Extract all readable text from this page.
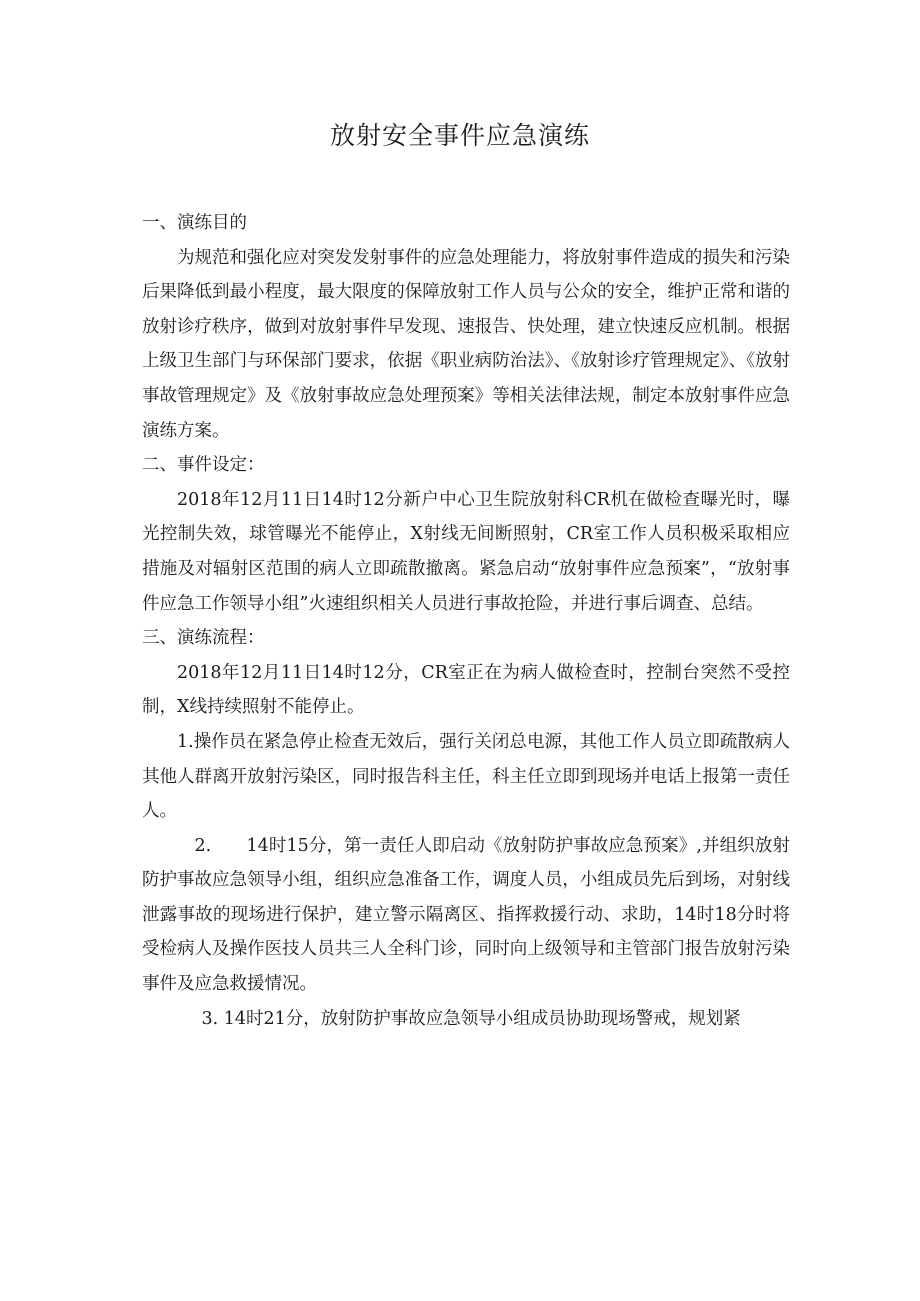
放射安全事件应急演练

一、演练目的

为规范和强化应对突发发射事件的应急处理能力，将放射事件造成的损失和污染后果降低到最小程度，最大限度的保障放射工作人员与公众的安全，维护正常和谐的放射诊疗秩序，做到对放射事件早发现、速报告、快处理，建立快速反应机制。根据上级卫生部门与环保部门要求，依据《职业病防治法》、《放射诊疗管理规定》、《放射事故管理规定》及《放射事故应急处理预案》等相关法律法规，制定本放射事件应急演练方案。

二、事件设定：

2018年12月11日14时12分新户中心卫生院放射科CR机在做检查曝光时，曝光控制失效，球管曝光不能停止，X射线无间断照射，CR室工作人员积极采取相应措施及对辐射区范围的病人立即疏散撤离。紧急启动“放射事件应急预案”，“放射事件应急工作领导小组”火速组织相关人员进行事故抢险，并进行事后调查、总结。

三、演练流程：

2018年12月11日14时12分，CR室正在为病人做检查时，控制台突然不受控制，X线持续照射不能停止。

1.操作员在紧急停止检查无效后，强行关闭总电源，其他工作人员立即疏散病人其他人群离开放射污染区，同时报告科主任，科主任立即到现场并电话上报第一责任人。

2.　　14时15分，第一责任人即启动《放射防护事故应急预案》,并组织放射防护事故应急领导小组，组织应急准备工作，调度人员，小组成员先后到场，对射线泄露事故的现场进行保护，建立警示隔离区、指挥救援行动、求助，14时18分时将受检病人及操作医技人员共三人全科门诊，同时向上级领导和主管部门报告放射污染事件及应急救援情况。

3. 14时21分，放射防护事故应急领导小组成员协助现场警戒，规划紧
